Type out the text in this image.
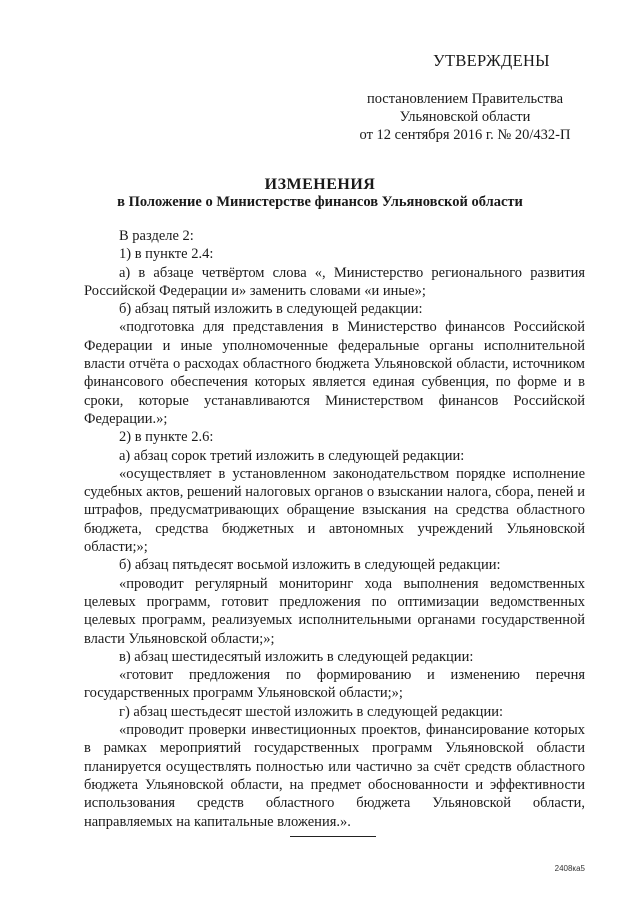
УТВЕРЖДЕНЫ
постановлением Правительства
Ульяновской области
от 12 сентября 2016 г. № 20/432-П
ИЗМЕНЕНИЯ
в Положение о Министерстве финансов Ульяновской области

В разделе 2:

1) в пункте 2.4:

а) в абзаце четвёртом слова «, Министерство регионального развития Российской Федерации и» заменить словами «и иные»;

б) абзац пятый изложить в следующей редакции:

«подготовка для представления в Министерство финансов Российской Федерации и иные уполномоченные федеральные органы исполнительной власти отчёта о расходах областного бюджета Ульяновской области, источником финансового обеспечения которых является единая субвенция, по форме и в сроки, которые устанавливаются Министерством финансов Российской Федерации.»;

2) в пункте 2.6:

а) абзац сорок третий изложить в следующей редакции:

«осуществляет в установленном законодательством порядке исполнение судебных актов, решений налоговых органов о взыскании налога, сбора, пеней и штрафов, предусматривающих обращение взыскания на средства областного бюджета, средства бюджетных и автономных учреждений Ульяновской области;»;

б) абзац пятьдесят восьмой изложить в следующей редакции:

«проводит регулярный мониторинг хода выполнения ведомственных целевых программ, готовит предложения по оптимизации ведомственных целевых программ, реализуемых исполнительными органами государственной власти Ульяновской области;»;

в) абзац шестидесятый изложить в следующей редакции:

«готовит предложения по формированию и изменению перечня государственных программ Ульяновской области;»;

г) абзац шестьдесят шестой изложить в следующей редакции:

«проводит проверки инвестиционных проектов, финансирование которых в рамках мероприятий государственных программ Ульяновской области планируется осуществлять полностью или частично за счёт средств областного бюджета Ульяновской области, на предмет обоснованности и эффективности использования средств областного бюджета Ульяновской области, направляемых на капитальные вложения.».

2408ка5
